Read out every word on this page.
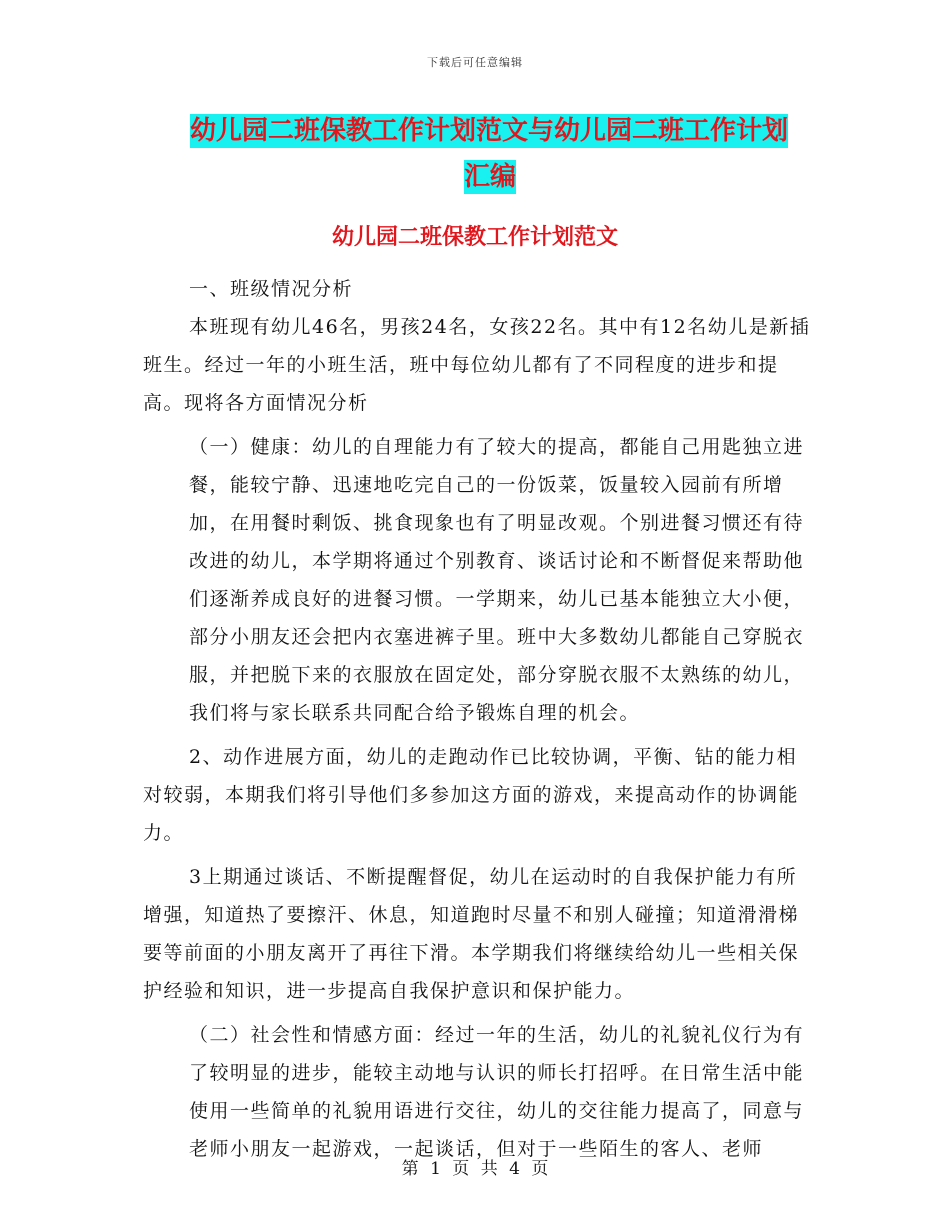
下载后可任意编辑
幼儿园二班保教工作计划范文与幼儿园二班工作计划
汇编
幼儿园二班保教工作计划范文

一、班级情况分析

本班现有幼儿46名，男孩24名，女孩22名。其中有12名幼儿是新插班生。经过一年的小班生活，班中每位幼儿都有了不同程度的进步和提高。现将各方面情况分析

（一）健康：幼儿的自理能力有了较大的提高，都能自己用匙独立进餐，能较宁静、迅速地吃完自己的一份饭菜，饭量较入园前有所增加，在用餐时剩饭、挑食现象也有了明显改观。个别进餐习惯还有待改进的幼儿，本学期将通过个别教育、谈话讨论和不断督促来帮助他们逐渐养成良好的进餐习惯。一学期来，幼儿已基本能独立大小便，部分小朋友还会把内衣塞进裤子里。班中大多数幼儿都能自己穿脱衣服，并把脱下来的衣服放在固定处，部分穿脱衣服不太熟练的幼儿，我们将与家长联系共同配合给予锻炼自理的机会。

2、动作进展方面，幼儿的走跑动作已比较协调，平衡、钻的能力相对较弱，本期我们将引导他们多参加这方面的游戏，来提高动作的协调能力。

3上期通过谈话、不断提醒督促，幼儿在运动时的自我保护能力有所增强，知道热了要擦汗、休息，知道跑时尽量不和别人碰撞；知道滑滑梯要等前面的小朋友离开了再往下滑。本学期我们将继续给幼儿一些相关保护经验和知识，进一步提高自我保护意识和保护能力。

（二）社会性和情感方面：经过一年的生活，幼儿的礼貌礼仪行为有了较明显的进步，能较主动地与认识的师长打招呼。在日常生活中能使用一些简单的礼貌用语进行交往，幼儿的交往能力提高了，同意与老师小朋友一起游戏，一起谈话，但对于一些陌生的客人、老师

第 1 页 共 4 页
